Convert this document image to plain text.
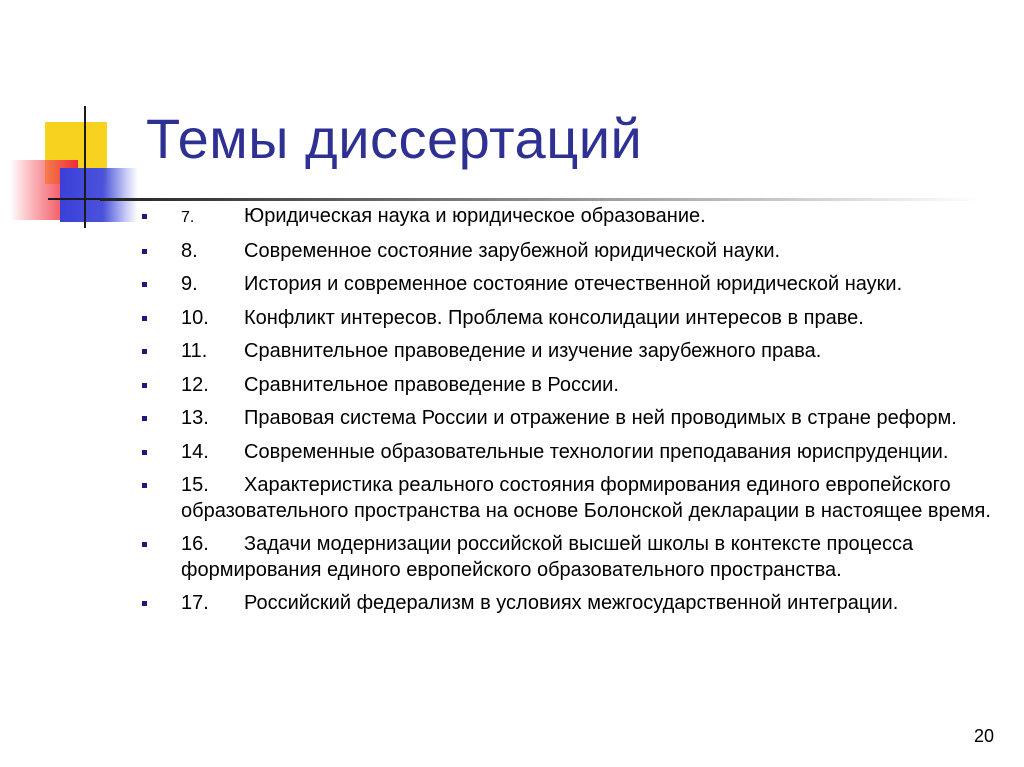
Темы диссертаций
7. Юридическая наука и юридическое образование.
8. Современное состояние зарубежной юридической науки.
9. История и современное состояние отечественной юридической науки.
10. Конфликт интересов. Проблема консолидации интересов в праве.
11. Сравнительное правоведение и изучение зарубежного права.
12. Сравнительное правоведение в России.
13. Правовая система России и отражение в ней проводимых в стране реформ.
14. Современные образовательные технологии преподавания юриспруденции.
15. Характеристика реального состояния формирования единого европейского образовательного пространства на основе Болонской декларации в настоящее время.
16. Задачи модернизации российской высшей школы в контексте процесса формирования единого европейского образовательного пространства.
17. Российский федерализм в условиях межгосударственной интеграции.
20
